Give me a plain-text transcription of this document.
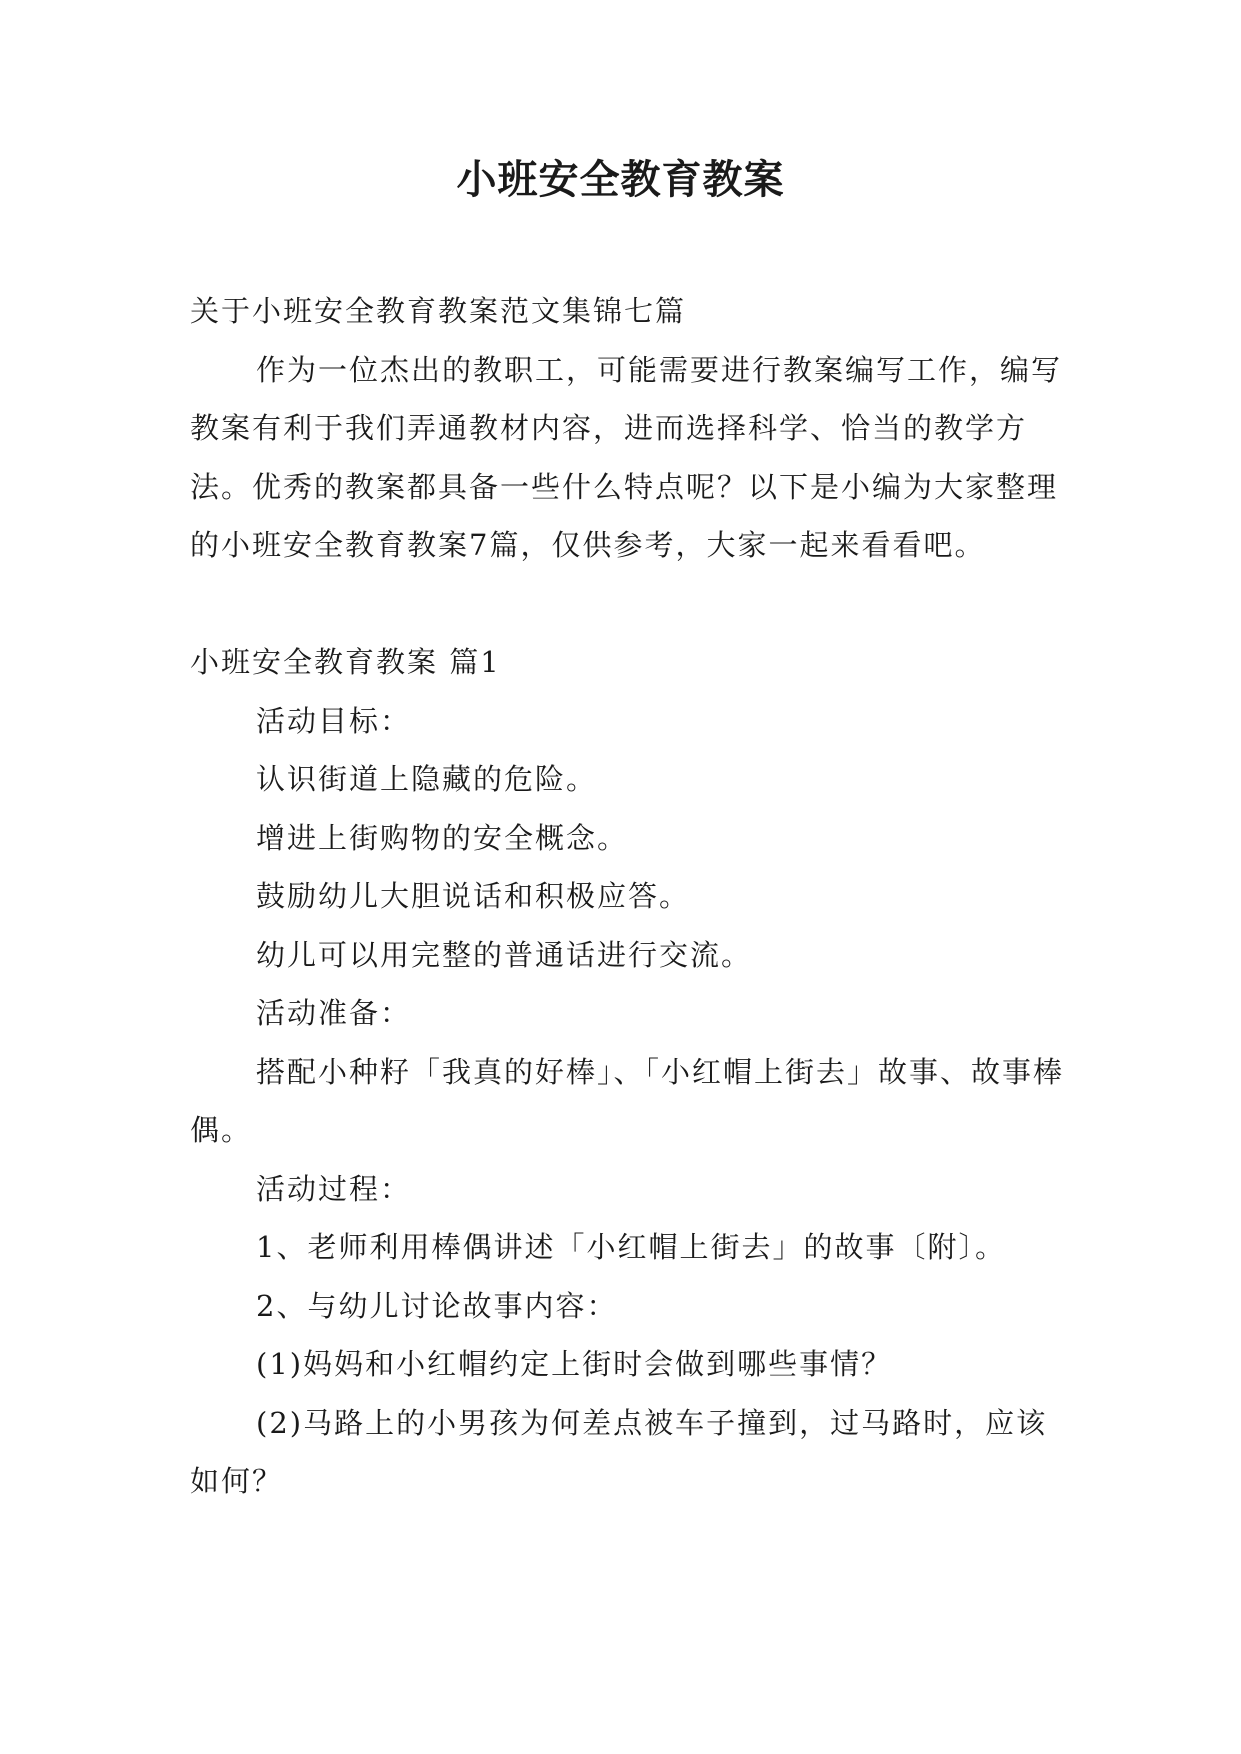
小班安全教育教案

关于小班安全教育教案范文集锦七篇

作为一位杰出的教职工，可能需要进行教案编写工作，编写教案有利于我们弄通教材内容，进而选择科学、恰当的教学方法。优秀的教案都具备一些什么特点呢？以下是小编为大家整理的小班安全教育教案7篇，仅供参考，大家一起来看看吧。

小班安全教育教案 篇1

活动目标：

认识街道上隐藏的危险。

增进上街购物的安全概念。

鼓励幼儿大胆说话和积极应答。

幼儿可以用完整的普通话进行交流。

活动准备：

搭配小种籽「我真的好棒」、「小红帽上街去」故事、故事棒偶。

活动过程：

1、老师利用棒偶讲述「小红帽上街去」的故事〔附〕。

2、与幼儿讨论故事内容：

(1)妈妈和小红帽约定上街时会做到哪些事情？

(2)马路上的小男孩为何差点被车子撞到，过马路时，应该如何？
